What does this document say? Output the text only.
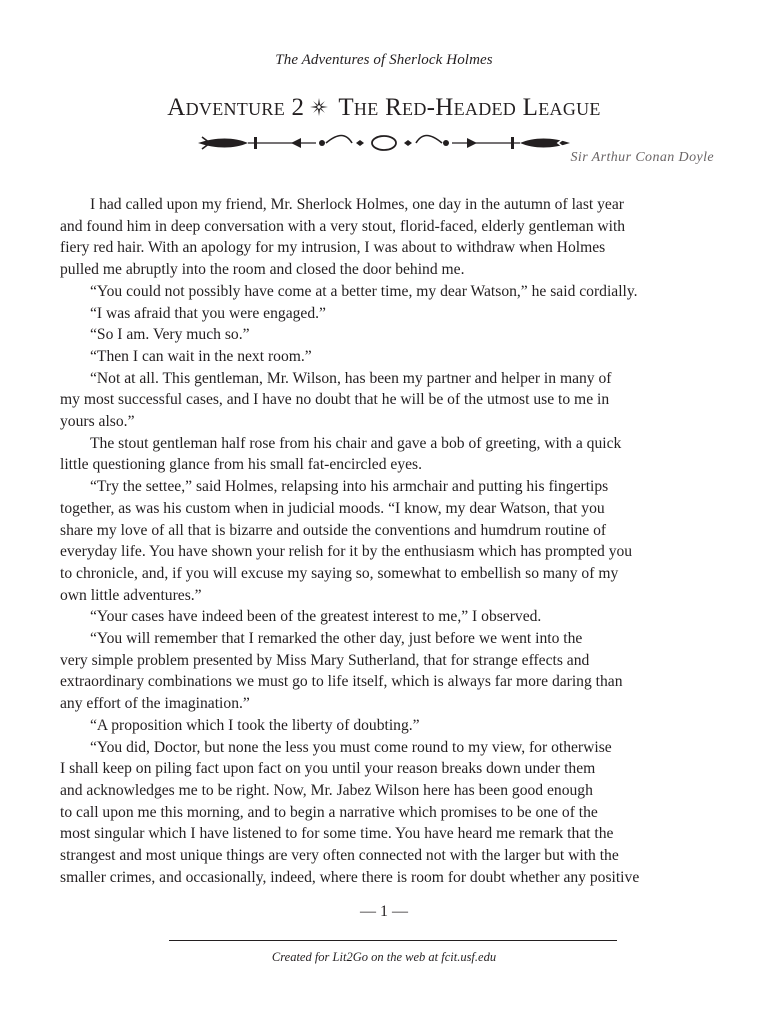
The Adventures of Sherlock Holmes
Adventure 2 The Red-Headed League
Sir Arthur Conan Doyle

I had called upon my friend, Mr. Sherlock Holmes, one day in the autumn of last year
and found him in deep conversation with a very stout, florid-faced, elderly gentleman with
fiery red hair. With an apology for my intrusion, I was about to withdraw when Holmes
pulled me abruptly into the room and closed the door behind me.

“You could not possibly have come at a better time, my dear Watson,” he said cordially.

“I was afraid that you were engaged.”

“So I am. Very much so.”

“Then I can wait in the next room.”

“Not at all. This gentleman, Mr. Wilson, has been my partner and helper in many of
my most successful cases, and I have no doubt that he will be of the utmost use to me in
yours also.”

The stout gentleman half rose from his chair and gave a bob of greeting, with a quick
little questioning glance from his small fat-encircled eyes.

“Try the settee,” said Holmes, relapsing into his armchair and putting his fingertips
together, as was his custom when in judicial moods. “I know, my dear Watson, that you
share my love of all that is bizarre and outside the conventions and humdrum routine of
everyday life. You have shown your relish for it by the enthusiasm which has prompted you
to chronicle, and, if you will excuse my saying so, somewhat to embellish so many of my
own little adventures.”

“Your cases have indeed been of the greatest interest to me,” I observed.

“You will remember that I remarked the other day, just before we went into the
very simple problem presented by Miss Mary Sutherland, that for strange effects and
extraordinary combinations we must go to life itself, which is always far more daring than
any effort of the imagination.”

“A proposition which I took the liberty of doubting.”

“You did, Doctor, but none the less you must come round to my view, for otherwise
I shall keep on piling fact upon fact on you until your reason breaks down under them
and acknowledges me to be right. Now, Mr. Jabez Wilson here has been good enough
to call upon me this morning, and to begin a narrative which promises to be one of the
most singular which I have listened to for some time. You have heard me remark that the
strangest and most unique things are very often connected not with the larger but with the
smaller crimes, and occasionally, indeed, where there is room for doubt whether any positive

— 1 —
Created for Lit2Go on the web at fcit.usf.edu
